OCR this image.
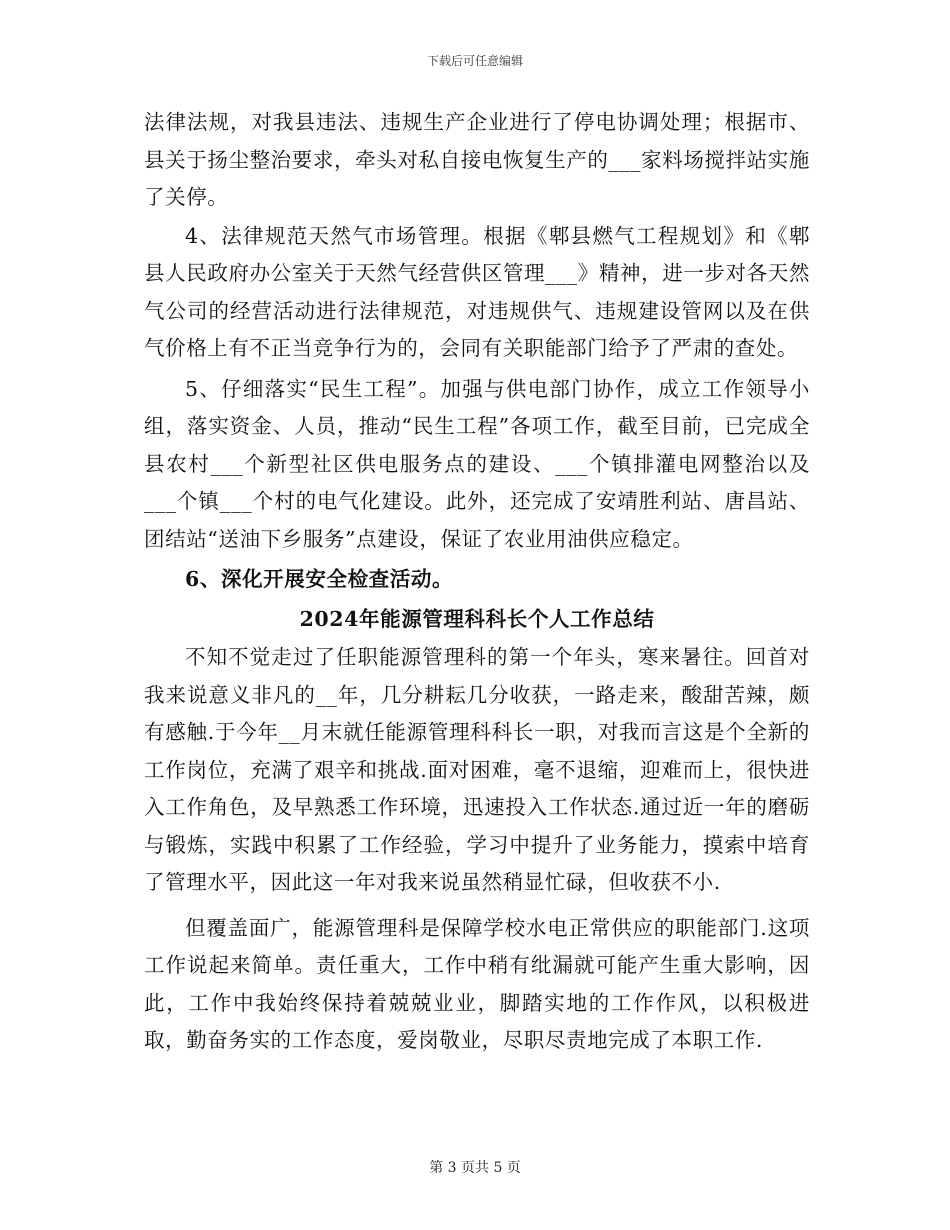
下载后可任意编辑

法律法规，对我县违法、违规生产企业进行了停电协调处理；根据市、县关于扬尘整治要求，牵头对私自接电恢复生产的___家料场搅拌站实施了关停。

4、法律规范天然气市场管理。根据《郫县燃气工程规划》和《郫县人民政府办公室关于天然气经营供区管理___》精神，进一步对各天然气公司的经营活动进行法律规范，对违规供气、违规建设管网以及在供气价格上有不正当竞争行为的，会同有关职能部门给予了严肃的查处。

5、仔细落实“民生工程”。加强与供电部门协作，成立工作领导小组，落实资金、人员，推动“民生工程”各项工作，截至目前，已完成全县农村___个新型社区供电服务点的建设、___个镇排灌电网整治以及___个镇___个村的电气化建设。此外，还完成了安靖胜利站、唐昌站、团结站“送油下乡服务”点建设，保证了农业用油供应稳定。

6、深化开展安全检查活动。

2024年能源管理科科长个人工作总结

不知不觉走过了任职能源管理科的第一个年头，寒来暑往。回首对我来说意义非凡的__年，几分耕耘几分收获，一路走来，酸甜苦辣，颇有感触.于今年__月末就任能源管理科科长一职，对我而言这是个全新的工作岗位，充满了艰辛和挑战.面对困难，毫不退缩，迎难而上，很快进入工作角色，及早熟悉工作环境，迅速投入工作状态.通过近一年的磨砺与锻炼，实践中积累了工作经验，学习中提升了业务能力，摸索中培育了管理水平，因此这一年对我来说虽然稍显忙碌，但收获不小.

但覆盖面广，能源管理科是保障学校水电正常供应的职能部门.这项工作说起来简单。责任重大，工作中稍有纰漏就可能产生重大影响，因此，工作中我始终保持着兢兢业业，脚踏实地的工作作风，以积极进取，勤奋务实的工作态度，爱岗敬业，尽职尽责地完成了本职工作.

第 3 页共 5 页
